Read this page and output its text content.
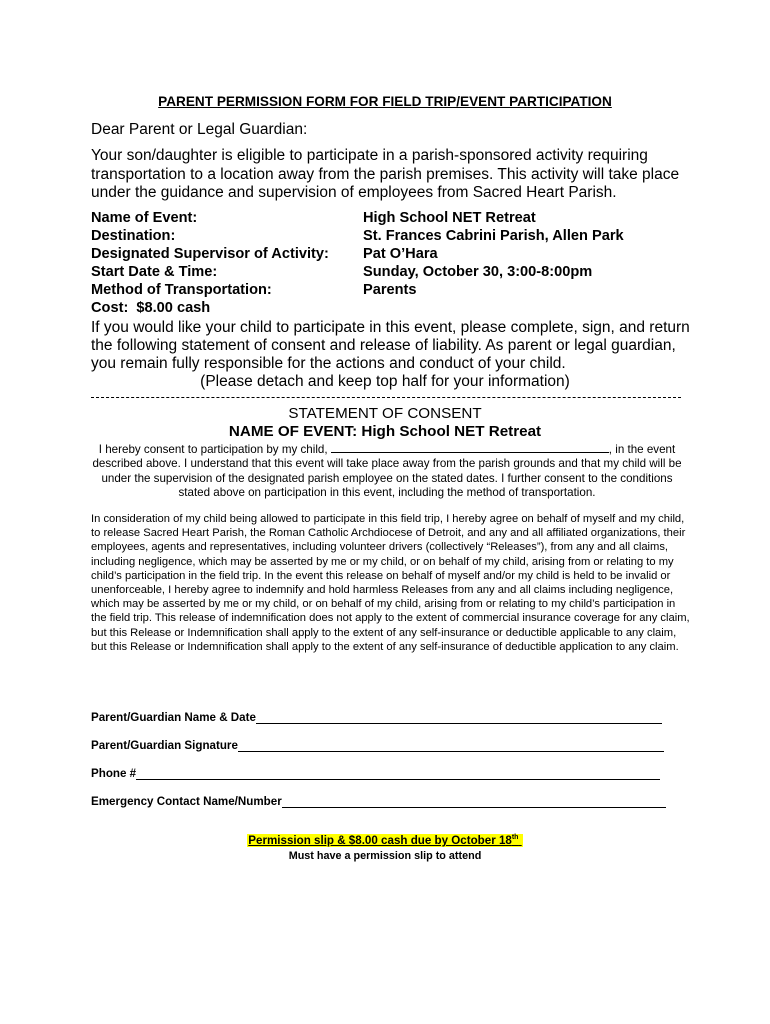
PARENT PERMISSION FORM FOR FIELD TRIP/EVENT PARTICIPATION
Dear Parent or Legal Guardian:
Your son/daughter is eligible to participate in a parish-sponsored activity requiring transportation to a location away from the parish premises. This activity will take place under the guidance and supervision of employees from Sacred Heart Parish.
Name of Event:	High School NET Retreat
Destination:	St. Frances Cabrini Parish, Allen Park
Designated Supervisor of Activity: Pat O’Hara
Start Date & Time:	Sunday, October 30, 3:00-8:00pm
Method of Transportation:	Parents
Cost: $8.00 cash
If you would like your child to participate in this event, please complete, sign, and return the following statement of consent and release of liability. As parent or legal guardian, you remain fully responsible for the actions and conduct of your child.
(Please detach and keep top half for your information)
STATEMENT OF CONSENT
NAME OF EVENT: High School NET Retreat
I hereby consent to participation by my child,	, in the event described above. I understand that this event will take place away from the parish grounds and that my child will be under the supervision of the designated parish employee on the stated dates. I further consent to the conditions stated above on participation in this event, including the method of transportation.
In consideration of my child being allowed to participate in this field trip, I hereby agree on behalf of myself and my child, to release Sacred Heart Parish, the Roman Catholic Archdiocese of Detroit, and any and all affiliated organizations, their employees, agents and representatives, including volunteer drivers (collectively “Releases”), from any and all claims, including negligence, which may be asserted by me or my child, or on behalf of my child, arising from or relating to my child’s participation in the field trip. In the event this release on behalf of myself and/or my child is held to be invalid or unenforceable, I hereby agree to indemnify and hold harmless Releases from any and all claims including negligence, which may be asserted by me or my child, or on behalf of my child, arising from or relating to my child’s participation in the field trip. This release of indemnification does not apply to the extent of commercial insurance coverage for any claim, but this Release or Indemnification shall apply to the extent of any self-insurance or deductible applicable to any claim, but this Release or Indemnification shall apply to the extent of any self-insurance of deductible application to any claim.
Parent/Guardian Name & Date
Parent/Guardian Signature
Phone #
Emergency Contact Name/Number
Permission slip & $8.00 cash due by October 18th
Must have a permission slip to attend
